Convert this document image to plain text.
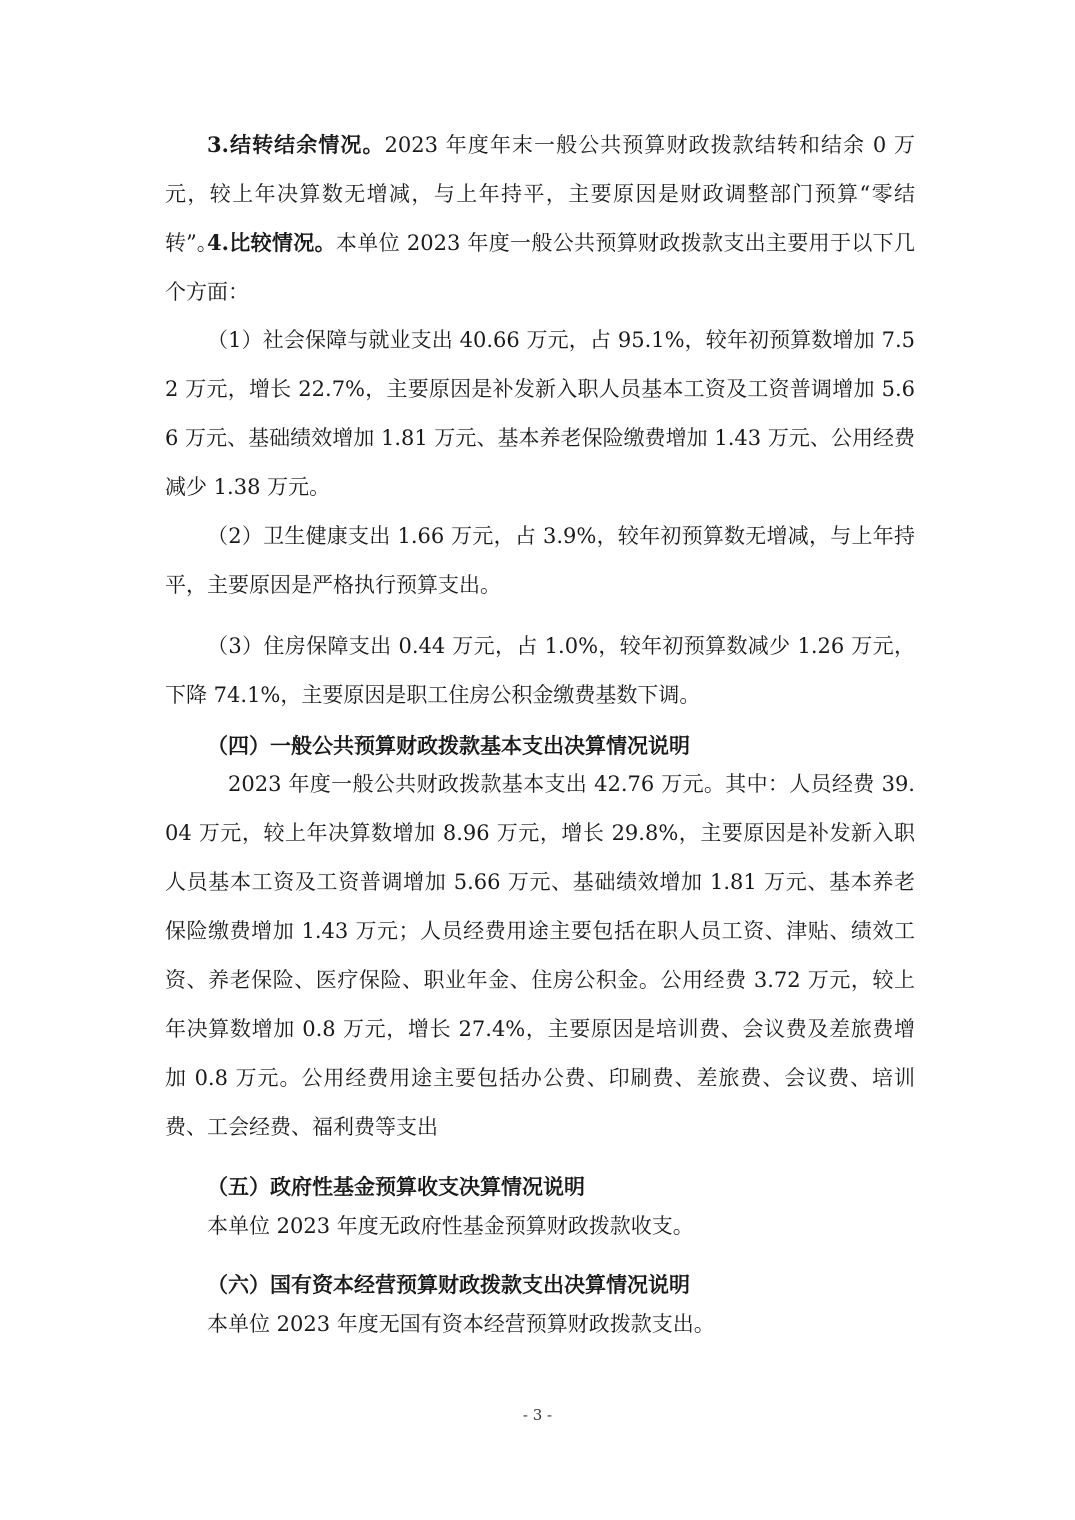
3.结转结余情况。2023 年度年末一般公共预算财政拨款结转和结余 0 万元，较上年决算数无增减，与上年持平，主要原因是财政调整部门预算“零结转”。

4.比较情况。本单位 2023 年度一般公共预算财政拨款支出主要用于以下几个方面：

（1）社会保障与就业支出 40.66 万元，占 95.1%，较年初预算数增加 7.52 万元，增长 22.7%，主要原因是补发新入职人员基本工资及工资普调增加 5.66 万元、基础绩效增加 1.81 万元、基本养老保险缴费增加 1.43 万元、公用经费减少 1.38 万元。

（2）卫生健康支出 1.66 万元，占 3.9%，较年初预算数无增减，与上年持平，主要原因是严格执行预算支出。

（3）住房保障支出 0.44 万元，占 1.0%，较年初预算数减少 1.26 万元，下降 74.1%，主要原因是职工住房公积金缴费基数下调。

（四）一般公共预算财政拨款基本支出决算情况说明

2023 年度一般公共财政拨款基本支出 42.76 万元。其中：人员经费 39.04 万元，较上年决算数增加 8.96 万元，增长 29.8%，主要原因是补发新入职人员基本工资及工资普调增加 5.66 万元、基础绩效增加 1.81 万元、基本养老保险缴费增加 1.43 万元；人员经费用途主要包括在职人员工资、津贴、绩效工资、养老保险、医疗保险、职业年金、住房公积金。公用经费 3.72 万元，较上年决算数增加 0.8 万元，增长 27.4%，主要原因是培训费、会议费及差旅费增加 0.8 万元。公用经费用途主要包括办公费、印刷费、差旅费、会议费、培训费、工会经费、福利费等支出

（五）政府性基金预算收支决算情况说明

本单位 2023 年度无政府性基金预算财政拨款收支。

（六）国有资本经营预算财政拨款支出决算情况说明

本单位 2023 年度无国有资本经营预算财政拨款支出。

- 3 -
